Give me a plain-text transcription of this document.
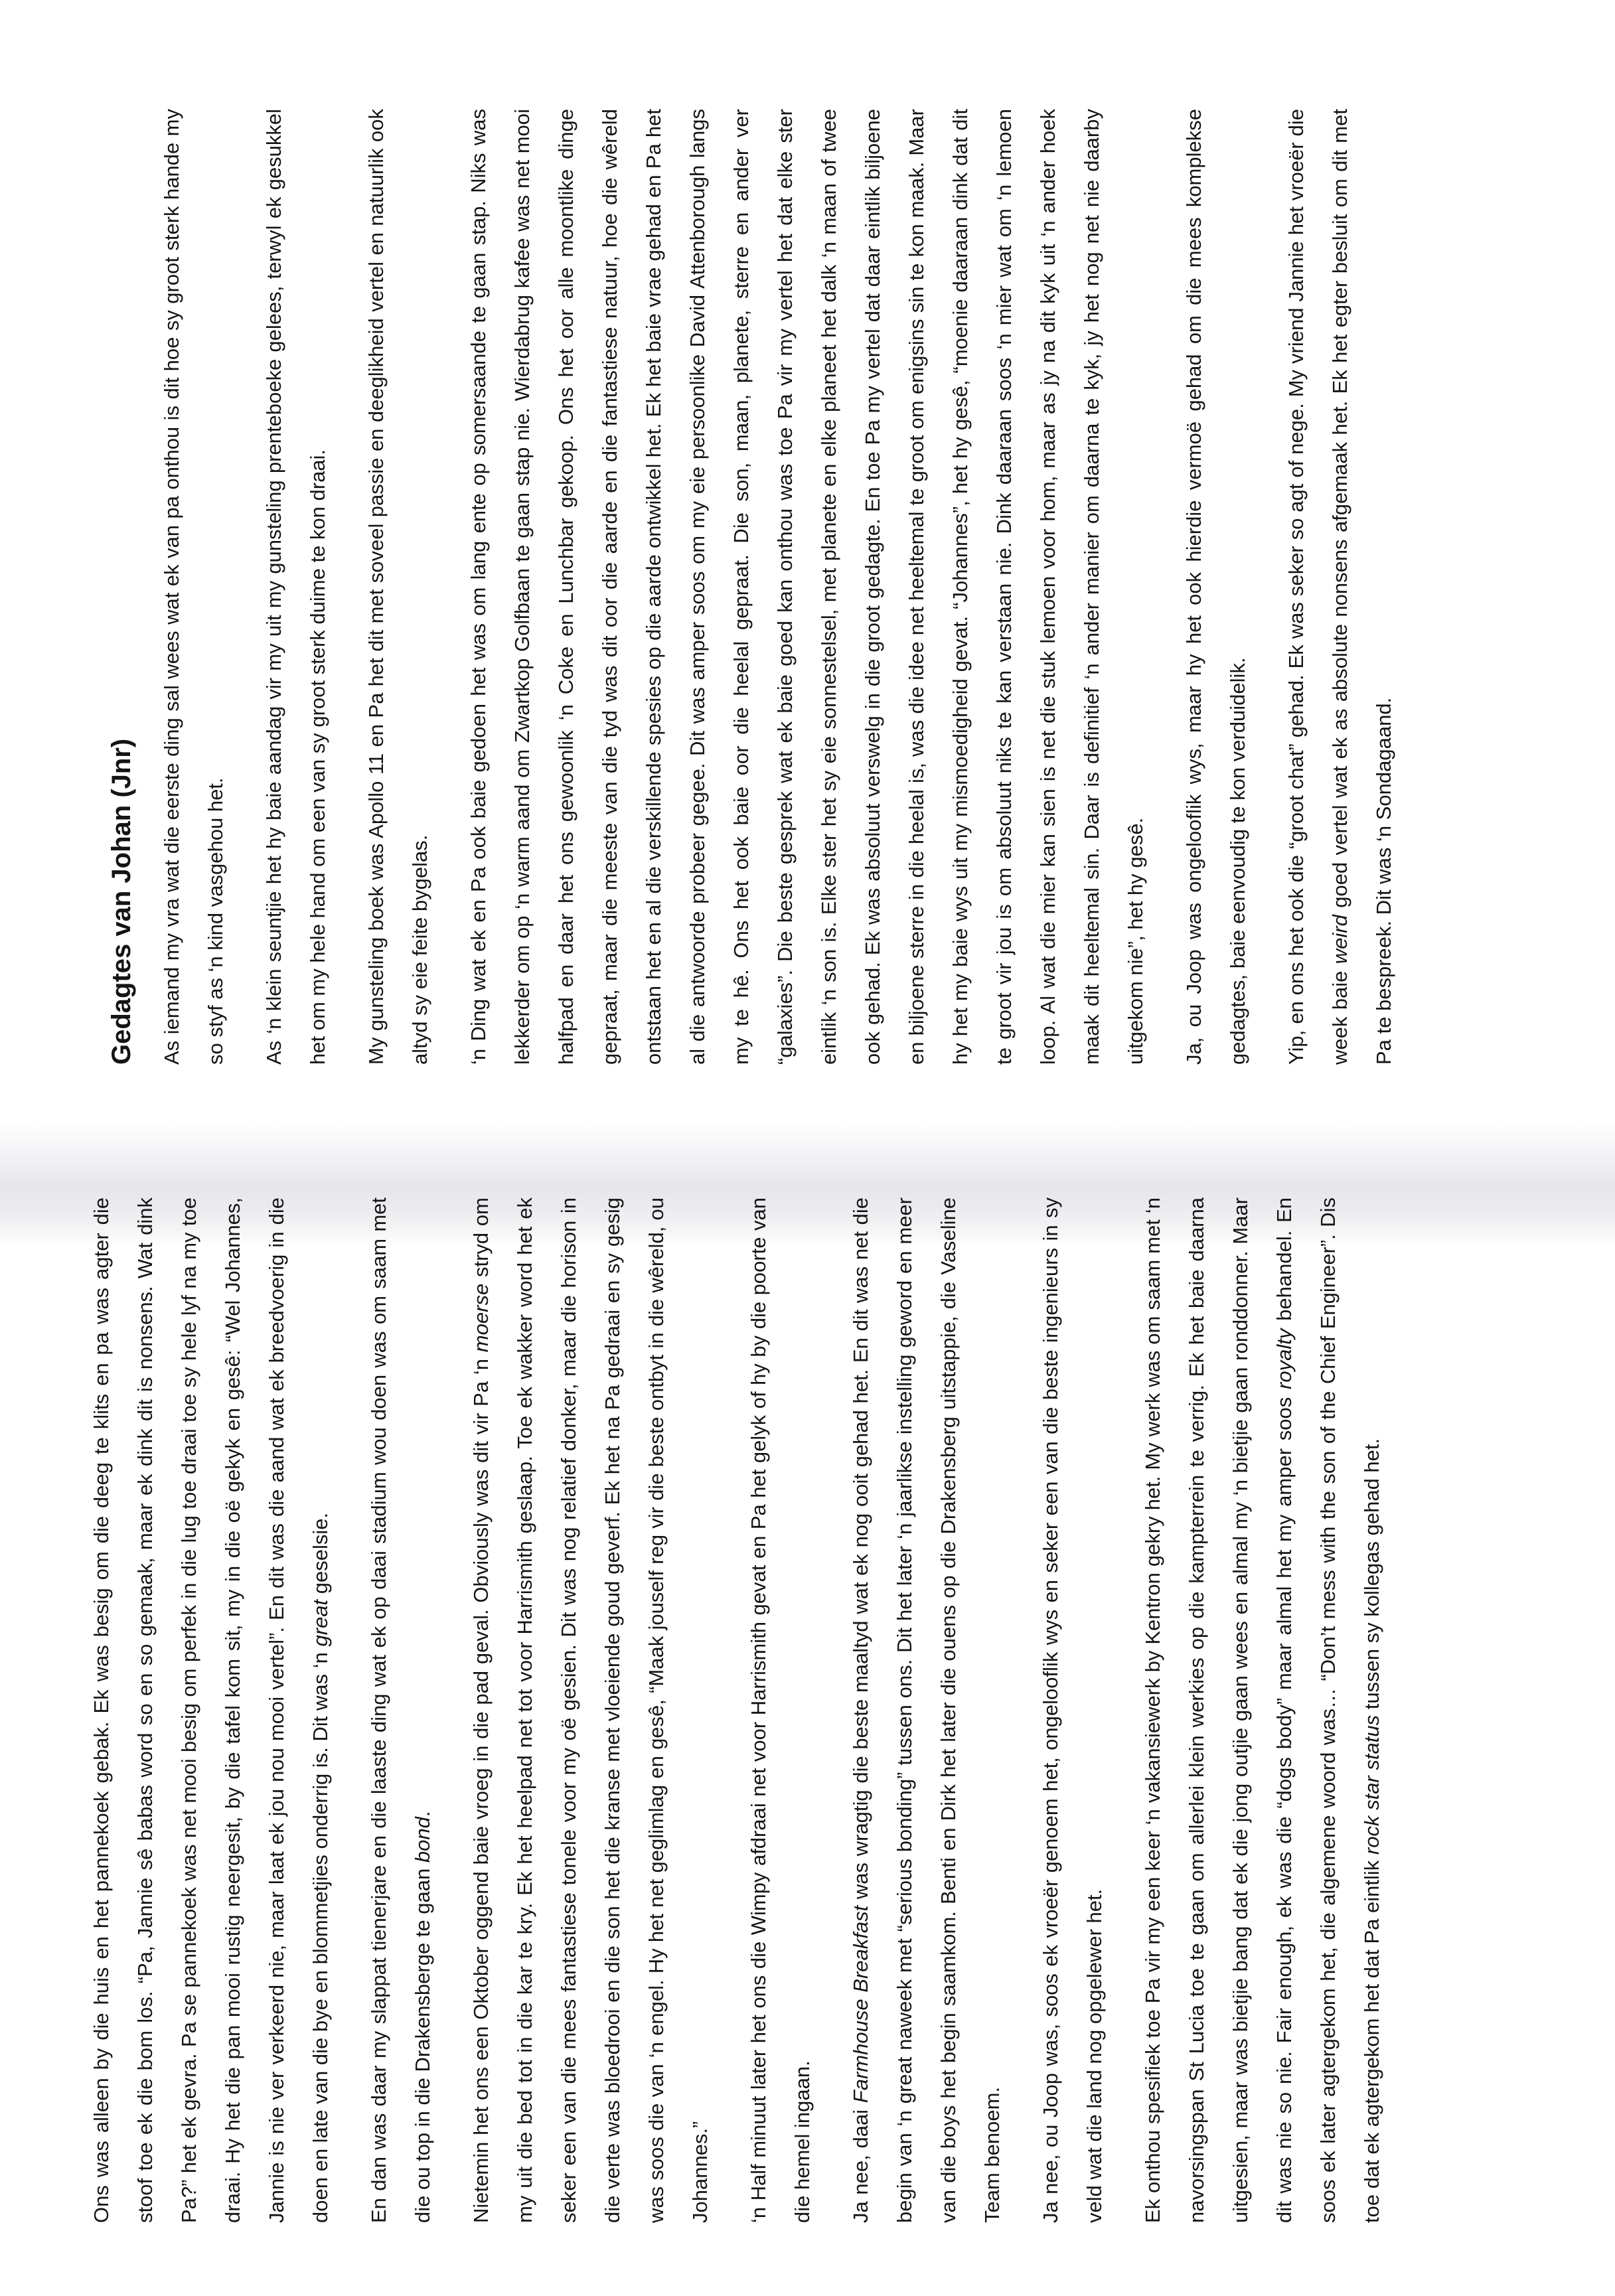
Gedagtes van Johan (Jnr)	As iemand my vra wat die eerste ding sal wees wat ek van pa onthou is dit hoe sy groot sterk hande my so styf as ‘n kind vasgehou het.	As ‘n klein seuntjie het hy baie aandag vir my uit my gunsteling prenteboeke gelees, terwyl ek gesukkel het om my hele hand om een van sy groot sterk duime te kon draai.	My gunsteling boek was Apollo 11 en Pa het dit met soveel passie en deeglikheid vertel en natuurlik ook altyd sy eie feite bygelas.	‘n Ding wat ek en Pa ook baie gedoen het was om lang ente op somersaande te gaan stap. Niks was lekkerder om op ‘n warm aand om Zwartkop Golfbaan te gaan stap nie. Wierdabrug kafee was net mooi halfpad en daar het ons gewoonlik ‘n Coke en Lunchbar gekoop. Ons het oor alle moontlike dinge gepraat, maar die meeste van die tyd was dit oor die aarde en die fantastiese natuur, hoe die wêreld ontstaan het en al die verskillende spesies op die aarde ontwikkel het. Ek het baie vrae gehad en Pa het al die antwoorde probeer gegee. Dit was amper soos om my eie persoonlike David Attenborough langs my te hê. Ons het ook baie oor die heelal gepraat. Die son, maan, planete, sterre en ander ver “galaxies”. Die beste gesprek wat ek baie goed kan onthou was toe Pa vir my vertel het dat elke ster eintlik ‘n son is. Elke ster het sy eie sonnestelsel, met planete en elke planeet het dalk ‘n maan of twee ook gehad. Ek was absoluut verswelg in die groot gedagte. En toe Pa my vertel dat daar eintlik biljoene en biljoene sterre in die heelal is, was die idee net heeltemal te groot om enigsins sin te kon maak. Maar hy het my baie wys uit my mismoedigheid gevat. “Johannes”, het hy gesê, “moenie daaraan dink dat dit te groot vir jou is om absoluut niks te kan verstaan nie. Dink daaraan soos ‘n mier wat om ‘n lemoen loop. Al wat die mier kan sien is net die stuk lemoen voor hom, maar as jy na dit kyk uit ‘n ander hoek maak dit heeltemal sin. Daar is definitief ‘n ander manier om daarna te kyk, jy het nog net nie daarby uitgekom nie”, het hy gesê.	Ja, ou Joop was ongelooflik wys, maar hy het ook hierdie vermoë gehad om die mees komplekse gedagtes, baie eenvoudig te kon verduidelik.	Yip, en ons het ook die “groot chat” gehad. Ek was seker so agt of nege. My vriend Jannie het vroeër die week baie weird goed vertel wat ek as absolute nonsens afgemaak het. Ek het egter besluit om dit met Pa te bespreek. Dit was ‘n Sondagaand.

Ons was alleen by die huis en het pannekoek gebak. Ek was besig om die deeg te klits en pa was agter die stoof toe ek die bom los. “Pa, Jannie sê babas word so en so gemaak, maar ek dink dit is nonsens. Wat dink Pa?” het ek gevra. Pa se pannekoek was net mooi besig om perfek in die lug toe draai toe sy hele lyf na my toe draai. Hy het die pan mooi rustig neergesit, by die tafel kom sit, my in die oë gekyk en gesê: “Wel Johannes, Jannie is nie ver verkeerd nie, maar laat ek jou nou mooi vertel”. En dit was die aand wat ek breedvoerig in die doen en late van die bye en blommetjies onderrig is. Dit was ‘n great geselsie.	En dan was daar my slappat tienerjare en die laaste ding wat ek op daai stadium wou doen was om saam met die ou top in die Drakensberge te gaan bond.	Nietemin het ons een Oktober oggend baie vroeg in die pad geval. Obviously was dit vir Pa ‘n moerse stryd om my uit die bed tot in die kar te kry. Ek het heelpad net tot voor Harrismith geslaap. Toe ek wakker word het ek seker een van die mees fantastiese tonele voor my oë gesien. Dit was nog relatief donker, maar die horison in die verte was bloedrooi en die son het die kranse met vloeiende goud geverf. Ek het na Pa gedraai en sy gesig was soos die van ‘n engel. Hy het net geglimlag en gesê, “Maak jouself reg vir die beste ontbyt in die wêreld, ou Johannes.”	‘n Half minuut later het ons die Wimpy afdraai net voor Harrismith gevat en Pa het gelyk of hy by die poorte van die hemel ingaan.	Ja nee, daai Farmhouse Breakfast was wragtig die beste maaltyd wat ek nog ooit gehad het. En dit was net die begin van ‘n great naweek met “serious bonding” tussen ons. Dit het later ‘n jaarlikse instelling geword en meer van die boys het begin saamkom. Benti en Dirk het later die ouens op die Drakensberg uitstappie, die Vaseline Team benoem.	Ja nee, ou Joop was, soos ek vroeër genoem het, ongelooflik wys en seker een van die beste ingenieurs in sy veld wat die land nog opgelewer het.	Ek onthou spesifiek toe Pa vir my een keer ‘n vakansiewerk by Kentron gekry het. My werk was om saam met ‘n navorsingspan St Lucia toe te gaan om allerlei klein werkies op die kampterrein te verrig. Ek het baie daarna uitgesien, maar was bietjie bang dat ek die jong outjie gaan wees en almal my ‘n bietjie gaan ronddonner. Maar dit was nie so nie. Fair enough, ek was die “dogs body” maar almal het my amper soos royalty behandel. En soos ek later agtergekom het, die algemene woord was… “Don’t mess with the son of the Chief Engineer”. Dis toe dat ek agtergekom het dat Pa eintlik rock star status tussen sy kollegas gehad het.
